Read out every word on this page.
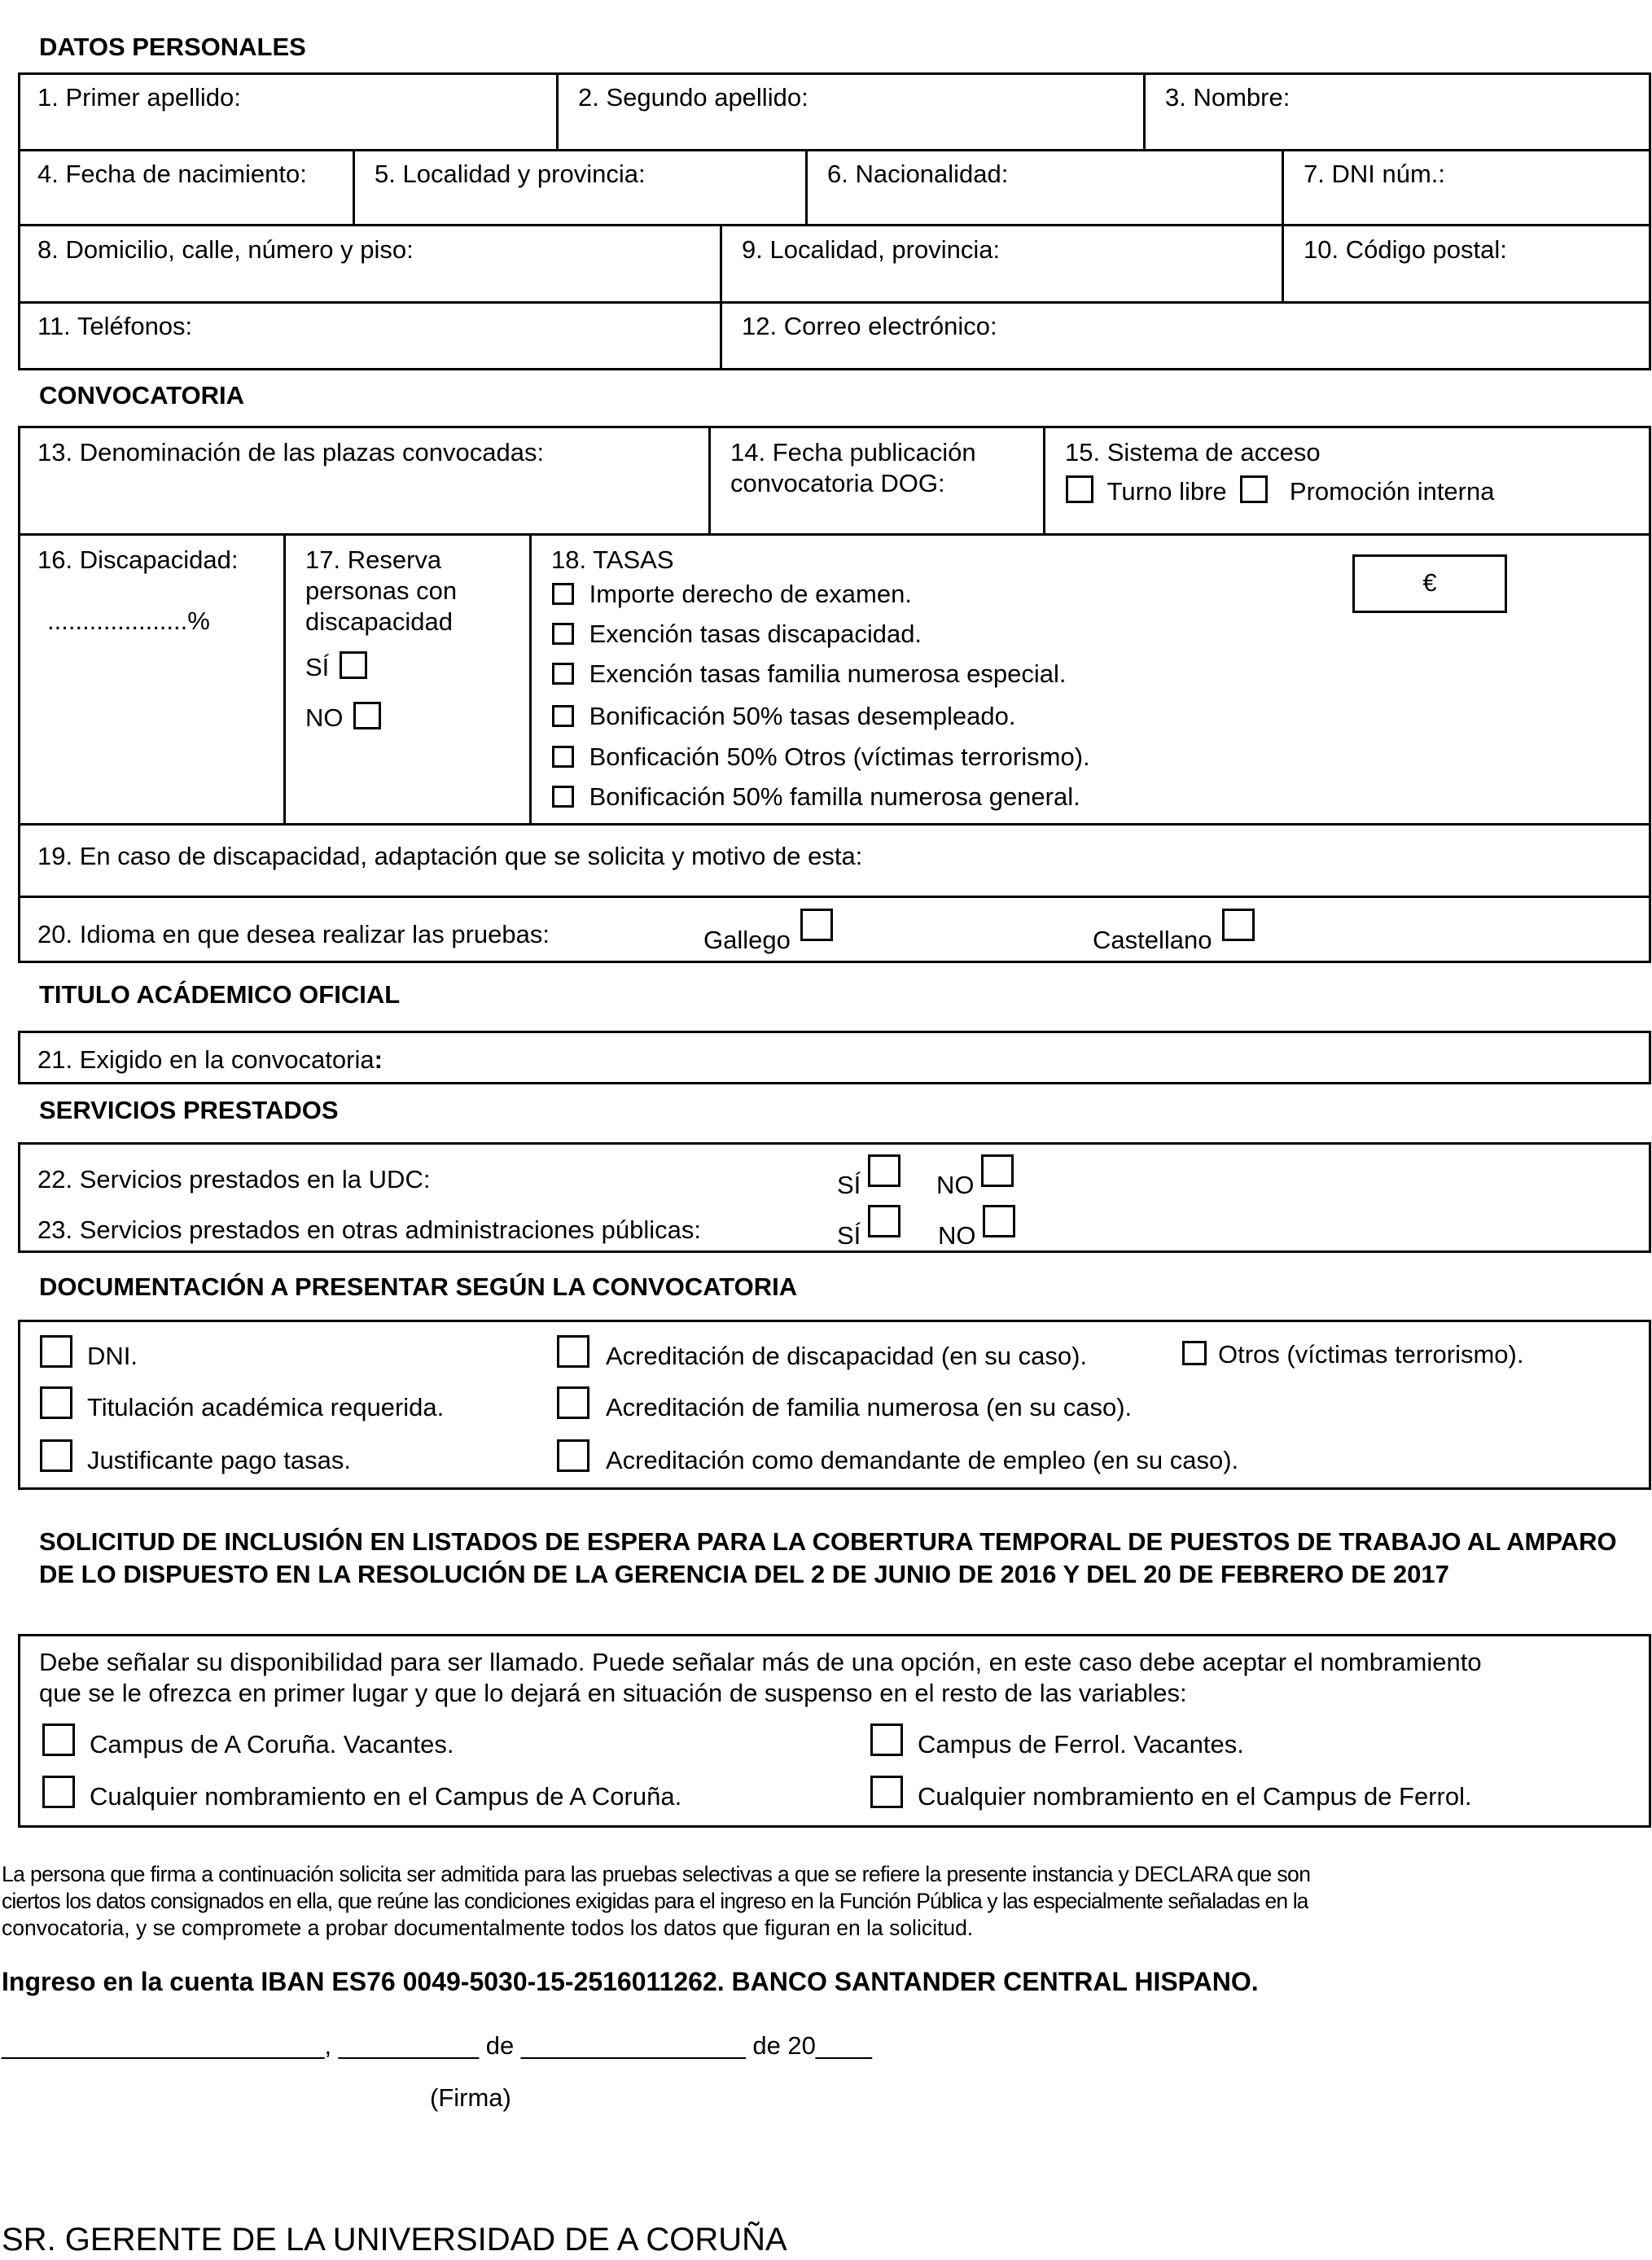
DATOS PERSONALES
1. Primer apellido:	2. Segundo apellido:	3. Nombre:
4. Fecha de nacimiento:	5. Localidad y provincia:	6. Nacionalidad:	7. DNI núm.:
8. Domicilio, calle, número y piso:	9. Localidad, provincia:	10. Código postal:
11. Teléfonos:	12. Correo electrónico:
CONVOCATORIA
13. Denominación de las plazas convocadas:	14. Fecha publicación
convocatoria DOG:
15. Sistema de acceso
Turno libre Promoción interna
16. Discapacidad:
....................%
17. Reserva
personas con
discapacidad
SÍ
NO
18. TASAS
€
Importe derecho de examen.
Exención tasas discapacidad.
Exención tasas familia numerosa especial.
Bonificación 50% tasas desempleado.
Bonficación 50% Otros (víctimas terrorismo).
Bonificación 50% familla numerosa general.
19. En caso de discapacidad, adaptación que se solicita y motivo de esta:
20. Idioma en que desea realizar las pruebas:	Gallego	Castellano
TITULO ACÁDEMICO OFICIAL
21. Exigido en la convocatoria:
SERVICIOS PRESTADOS
22. Servicios prestados en la UDC:	SÍ	NO
23. Servicios prestados en otras administraciones públicas:	SÍ	NO
DOCUMENTACIÓN A PRESENTAR SEGÚN LA CONVOCATORIA
DNI.
Titulación académica requerida.
Justificante pago tasas.
Acreditación de discapacidad (en su caso).
Acreditación de familia numerosa (en su caso).
Acreditación como demandante de empleo (en su caso).
Otros (víctimas terrorismo).
SOLICITUD DE INCLUSIÓN EN LISTADOS DE ESPERA PARA LA COBERTURA TEMPORAL DE PUESTOS DE TRABAJO AL AMPARO DE LO DISPUESTO EN LA RESOLUCIÓN DE LA GERENCIA DEL 2 DE JUNIO DE 2016 Y DEL 20 DE FEBRERO DE 2017
Debe señalar su disponibilidad para ser llamado. Puede señalar más de una opción, en este caso debe aceptar el nombramiento
que se le ofrezca en primer lugar y que lo dejará en situación de suspenso en el resto de las variables:
Campus de A Coruña. Vacantes.
Cualquier nombramiento en el Campus de A Coruña.
Campus de Ferrol. Vacantes.
Cualquier nombramiento en el Campus de Ferrol.
La persona que firma a continuación solicita ser admitida para las pruebas selectivas a que se refiere la presente instancia y DECLARA que son
ciertos los datos consignados en ella, que reúne las condiciones exigidas para el ingreso en la Función Pública y las especialmente señaladas en la
convocatoria, y se compromete a probar documentalmente todos los datos que figuran en la solicitud.
Ingreso en la cuenta IBAN ES76 0049-5030-15-2516011262. BANCO SANTANDER CENTRAL HISPANO.
_______________________, __________ de ________________ de 20____
(Firma)
SR. GERENTE DE LA UNIVERSIDAD DE A CORUÑA
